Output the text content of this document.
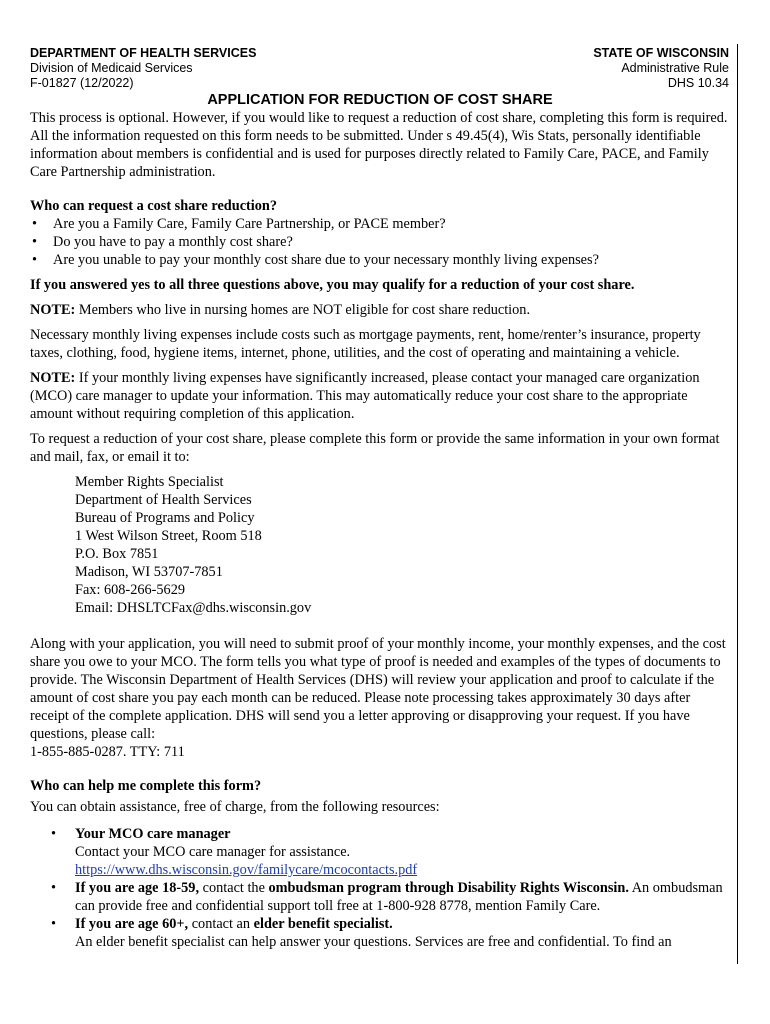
DEPARTMENT OF HEALTH SERVICES
Division of Medicaid Services
F-01827 (12/2022)
STATE OF WISCONSIN
Administrative Rule
DHS 10.34
APPLICATION FOR REDUCTION OF COST SHARE

This process is optional. However, if you would like to request a reduction of cost share, completing this form is required. All the information requested on this form needs to be submitted. Under s 49.45(4), Wis Stats, personally identifiable information about members is confidential and is used for purposes directly related to Family Care, PACE, and Family Care Partnership administration.

Who can request a cost share reduction?

• Are you a Family Care, Family Care Partnership, or PACE member?
• Do you have to pay a monthly cost share?
• Are you unable to pay your monthly cost share due to your necessary monthly living expenses?

If you answered yes to all three questions above, you may qualify for a reduction of your cost share.

NOTE: Members who live in nursing homes are NOT eligible for cost share reduction.

Necessary monthly living expenses include costs such as mortgage payments, rent, home/renter’s insurance, property taxes, clothing, food, hygiene items, internet, phone, utilities, and the cost of operating and maintaining a vehicle.

NOTE: If your monthly living expenses have significantly increased, please contact your managed care organization (MCO) care manager to update your information. This may automatically reduce your cost share to the appropriate amount without requiring completion of this application.

To request a reduction of your cost share, please complete this form or provide the same information in your own format and mail, fax, or email it to:

Member Rights Specialist
Department of Health Services
Bureau of Programs and Policy
1 West Wilson Street, Room 518
P.O. Box 7851
Madison, WI 53707-7851
Fax: 608-266-5629
Email: DHSLTCFax@dhs.wisconsin.gov

Along with your application, you will need to submit proof of your monthly income, your monthly expenses, and the cost share you owe to your MCO. The form tells you what type of proof is needed and examples of the types of documents to provide. The Wisconsin Department of Health Services (DHS) will review your application and proof to calculate if the amount of cost share you pay each month can be reduced. Please note processing takes approximately 30 days after receipt of the complete application. DHS will send you a letter approving or disapproving your request. If you have questions, please call:

1-855-885-0287. TTY: 711

Who can help me complete this form?

You can obtain assistance, free of charge, from the following resources:

• Your MCO care manager
Contact your MCO care manager for assistance.
https://www.dhs.wisconsin.gov/familycare/mcocontacts.pdf
• If you are age 18-59, contact the ombudsman program through Disability Rights Wisconsin. An ombudsman can provide free and confidential support toll free at 1-800-928 8778, mention Family Care.
• If you are age 60+, contact an elder benefit specialist.
An elder benefit specialist can help answer your questions. Services are free and confidential. To find an
